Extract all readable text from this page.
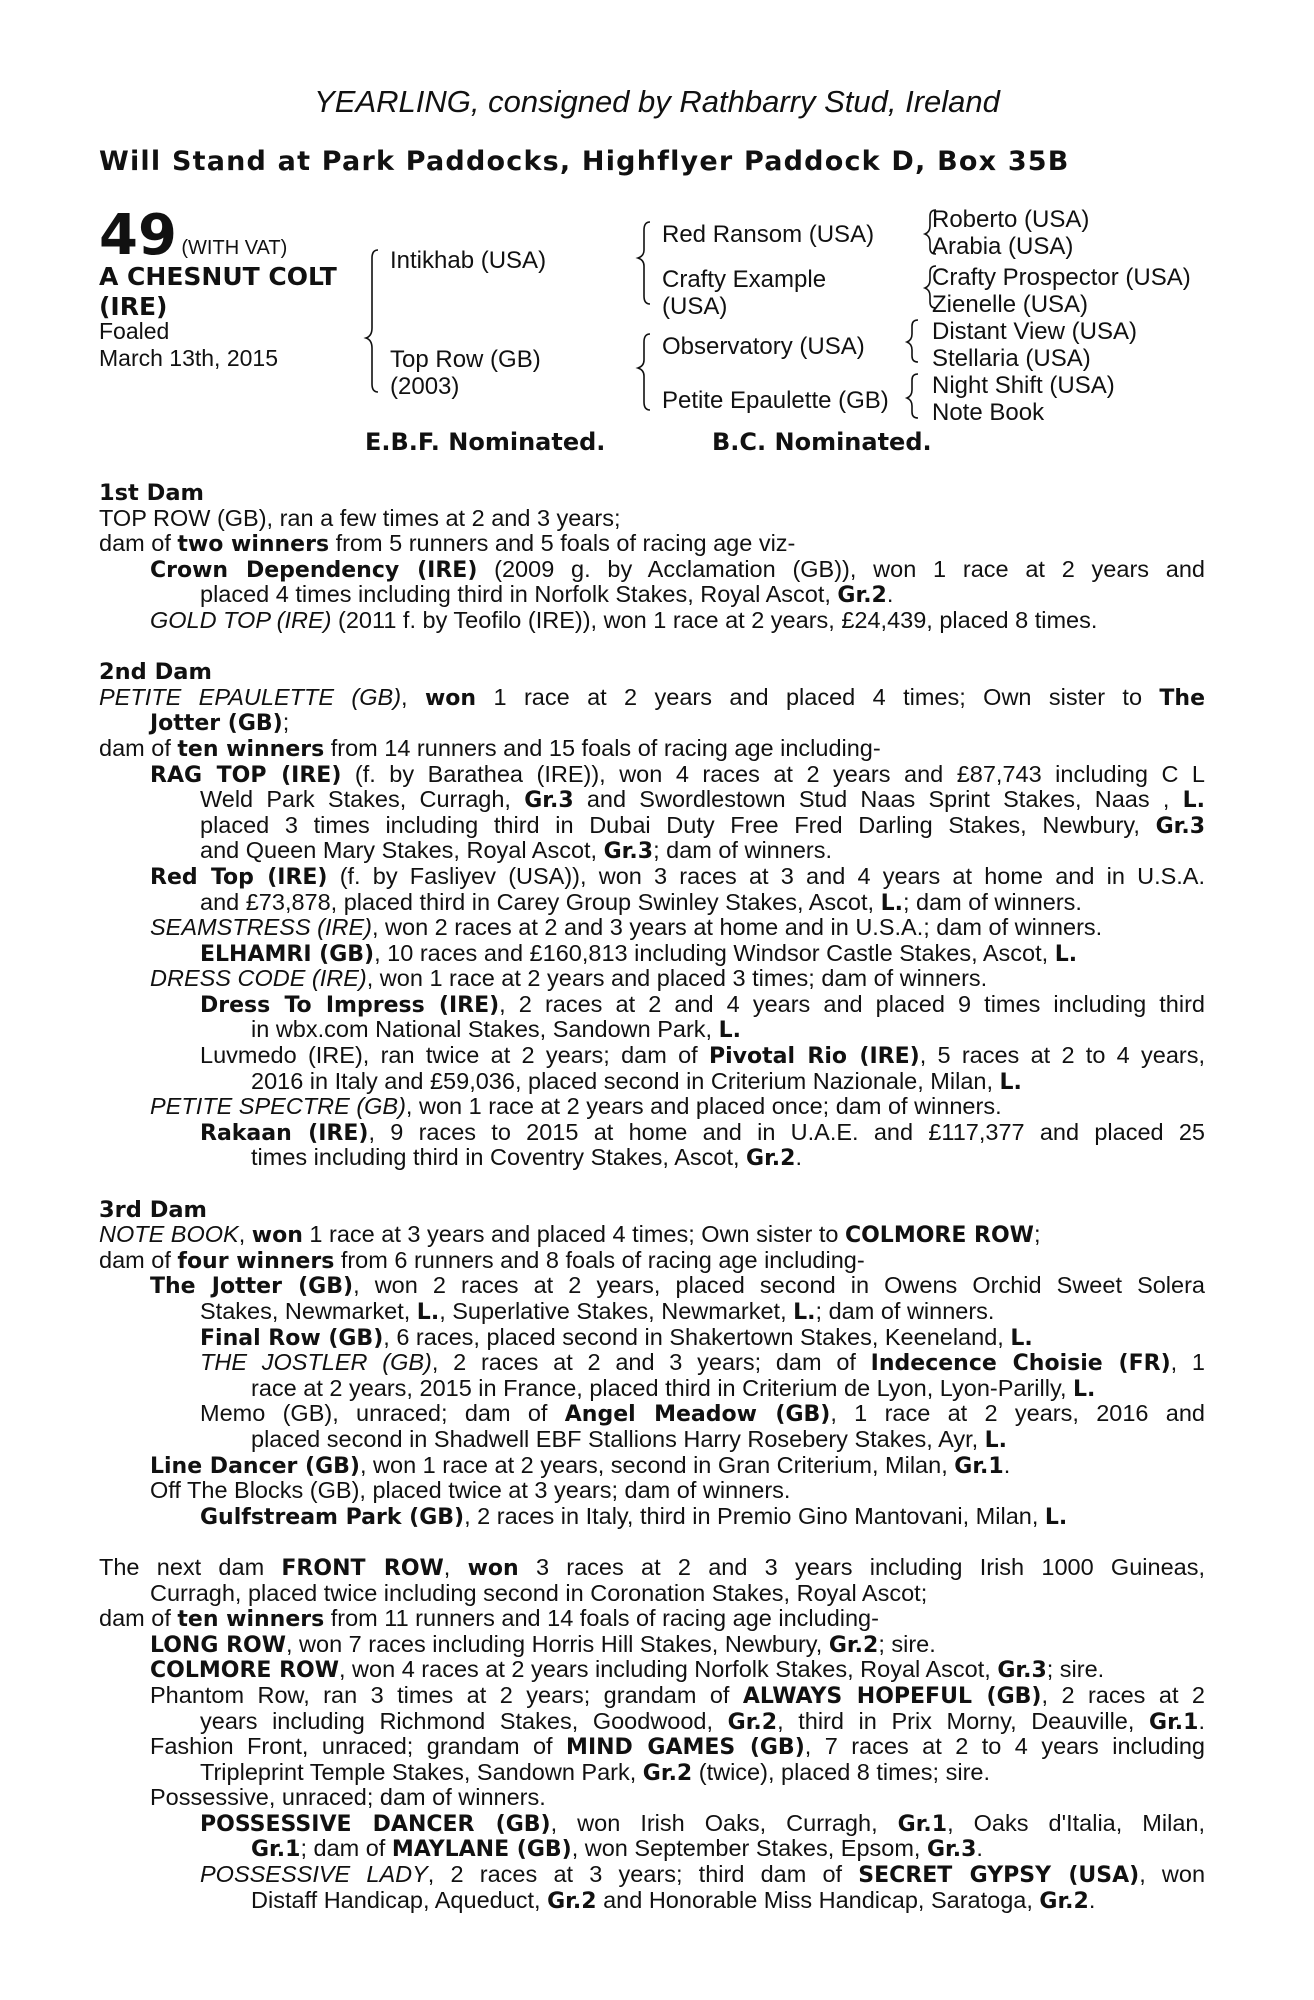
YEARLING, consigned by Rathbarry Stud, Ireland
Will Stand at Park Paddocks, Highflyer Paddock D, Box 35B
49 (WITH VAT)
A CHESNUT COLT
(IRE)
Foaled
March 13th, 2015
Intikhab (USA)
Top Row (GB)
(2003)
Red Ransom (USA)
Crafty Example
(USA)
Observatory (USA)
Petite Epaulette (GB)
Roberto (USA)
Arabia (USA)
Crafty Prospector (USA)
Zienelle (USA)
Distant View (USA)
Stellaria (USA)
Night Shift (USA)
Note Book
E.B.F. Nominated.	B.C. Nominated.
1st Dam
TOP ROW (GB), ran a few times at 2 and 3 years;
dam of two winners from 5 runners and 5 foals of racing age viz-
Crown Dependency (IRE) (2009 g. by Acclamation (GB)), won 1 race at 2 years and
placed 4 times including third in Norfolk Stakes, Royal Ascot, Gr.2.
GOLD TOP (IRE) (2011 f. by Teofilo (IRE)), won 1 race at 2 years, £24,439, placed 8 times.
2nd Dam
PETITE EPAULETTE (GB), won 1 race at 2 years and placed 4 times; Own sister to The
Jotter (GB);
dam of ten winners from 14 runners and 15 foals of racing age including-
RAG TOP (IRE) (f. by Barathea (IRE)), won 4 races at 2 years and £87,743 including C L
Weld Park Stakes, Curragh, Gr.3 and Swordlestown Stud Naas Sprint Stakes, Naas , L.
placed 3 times including third in Dubai Duty Free Fred Darling Stakes, Newbury, Gr.3
and Queen Mary Stakes, Royal Ascot, Gr.3; dam of winners.
Red Top (IRE) (f. by Fasliyev (USA)), won 3 races at 3 and 4 years at home and in U.S.A.
and £73,878, placed third in Carey Group Swinley Stakes, Ascot, L.; dam of winners.
SEAMSTRESS (IRE), won 2 races at 2 and 3 years at home and in U.S.A.; dam of winners.
ELHAMRI (GB), 10 races and £160,813 including Windsor Castle Stakes, Ascot, L.
DRESS CODE (IRE), won 1 race at 2 years and placed 3 times; dam of winners.
Dress To Impress (IRE), 2 races at 2 and 4 years and placed 9 times including third
in wbx.com National Stakes, Sandown Park, L.
Luvmedo (IRE), ran twice at 2 years; dam of Pivotal Rio (IRE), 5 races at 2 to 4 years,
2016 in Italy and £59,036, placed second in Criterium Nazionale, Milan, L.
PETITE SPECTRE (GB), won 1 race at 2 years and placed once; dam of winners.
Rakaan (IRE), 9 races to 2015 at home and in U.A.E. and £117,377 and placed 25
times including third in Coventry Stakes, Ascot, Gr.2.
3rd Dam
NOTE BOOK, won 1 race at 3 years and placed 4 times; Own sister to COLMORE ROW;
dam of four winners from 6 runners and 8 foals of racing age including-
The Jotter (GB), won 2 races at 2 years, placed second in Owens Orchid Sweet Solera
Stakes, Newmarket, L., Superlative Stakes, Newmarket, L.; dam of winners.
Final Row (GB), 6 races, placed second in Shakertown Stakes, Keeneland, L.
THE JOSTLER (GB), 2 races at 2 and 3 years; dam of Indecence Choisie (FR), 1
race at 2 years, 2015 in France, placed third in Criterium de Lyon, Lyon-Parilly, L.
Memo (GB), unraced; dam of Angel Meadow (GB), 1 race at 2 years, 2016 and
placed second in Shadwell EBF Stallions Harry Rosebery Stakes, Ayr, L.
Line Dancer (GB), won 1 race at 2 years, second in Gran Criterium, Milan, Gr.1.
Off The Blocks (GB), placed twice at 3 years; dam of winners.
Gulfstream Park (GB), 2 races in Italy, third in Premio Gino Mantovani, Milan, L.
The next dam FRONT ROW, won 3 races at 2 and 3 years including Irish 1000 Guineas,
Curragh, placed twice including second in Coronation Stakes, Royal Ascot;
dam of ten winners from 11 runners and 14 foals of racing age including-
LONG ROW, won 7 races including Horris Hill Stakes, Newbury, Gr.2; sire.
COLMORE ROW, won 4 races at 2 years including Norfolk Stakes, Royal Ascot, Gr.3; sire.
Phantom Row, ran 3 times at 2 years; grandam of ALWAYS HOPEFUL (GB), 2 races at 2
years including Richmond Stakes, Goodwood, Gr.2, third in Prix Morny, Deauville, Gr.1.
Fashion Front, unraced; grandam of MIND GAMES (GB), 7 races at 2 to 4 years including
Tripleprint Temple Stakes, Sandown Park, Gr.2 (twice), placed 8 times; sire.
Possessive, unraced; dam of winners.
POSSESSIVE DANCER (GB), won Irish Oaks, Curragh, Gr.1, Oaks d'Italia, Milan,
Gr.1; dam of MAYLANE (GB), won September Stakes, Epsom, Gr.3.
POSSESSIVE LADY, 2 races at 3 years; third dam of SECRET GYPSY (USA), won
Distaff Handicap, Aqueduct, Gr.2 and Honorable Miss Handicap, Saratoga, Gr.2.
